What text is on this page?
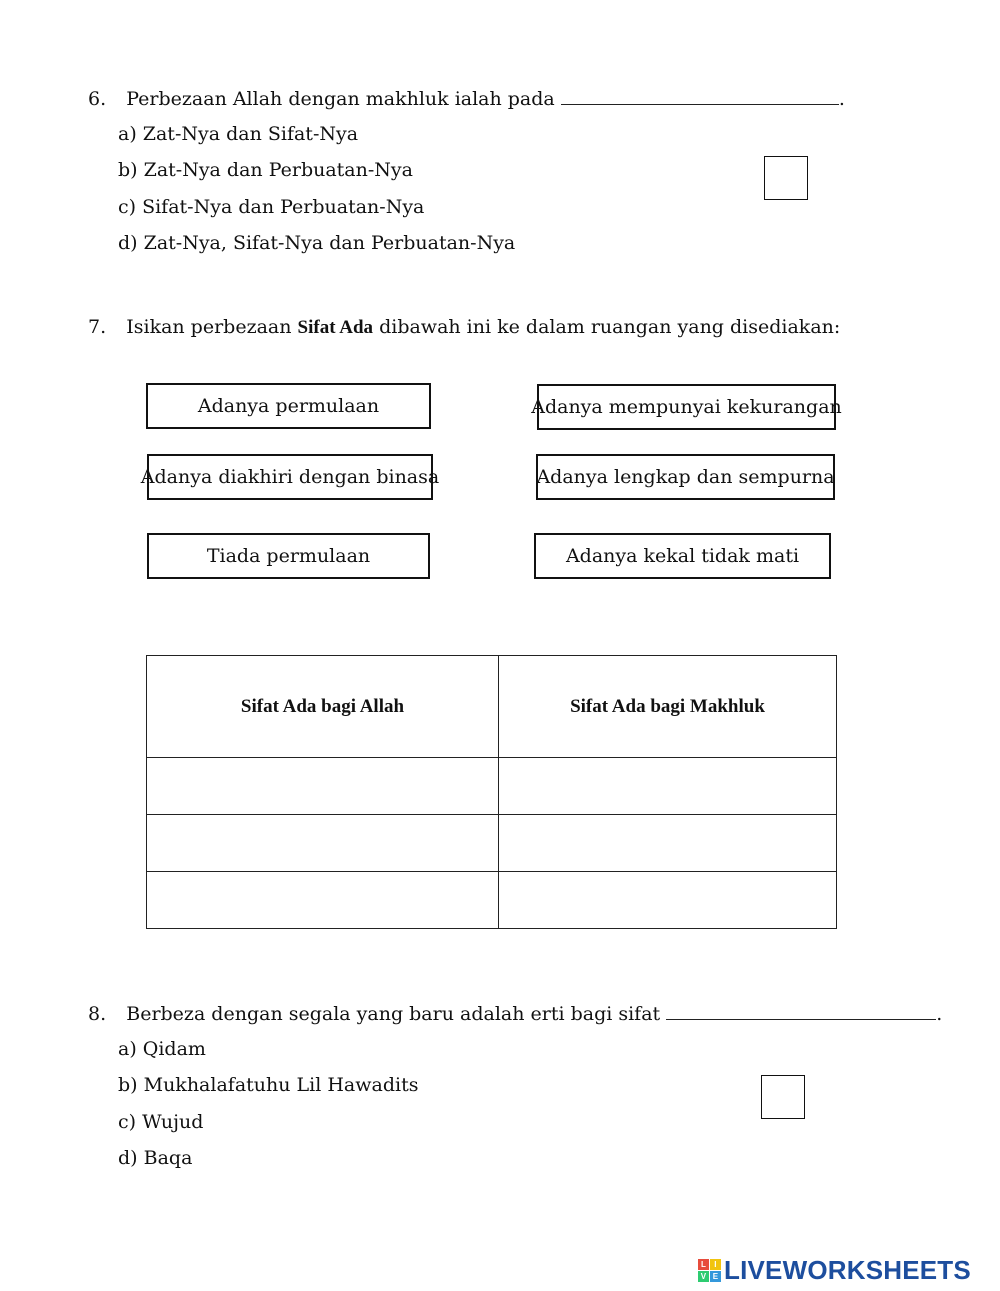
6. Perbezaan Allah dengan makhluk ialah pada	.
a) Zat-Nya dan Sifat-Nya
b) Zat-Nya dan Perbuatan-Nya
c) Sifat-Nya dan Perbuatan-Nya
d) Zat-Nya, Sifat-Nya dan Perbuatan-Nya
7. Isikan perbezaan Sifat Ada dibawah ini ke dalam ruangan yang disediakan:
Adanya permulaan	Adanya mempunyai kekurangan
Adanya diakhiri dengan binasa	Adanya lengkap dan sempurna
Tiada permulaan	Adanya kekal tidak mati
Sifat Ada bagi Allah	Sifat Ada bagi Makhluk

8. Berbeza dengan segala yang baru adalah erti bagi sifat	.
a) Qidam
b) Mukhalafatuhu Lil Hawadits
c) Wujud
d) Baqa
L	I
V E LIVEWORKSHEETS
